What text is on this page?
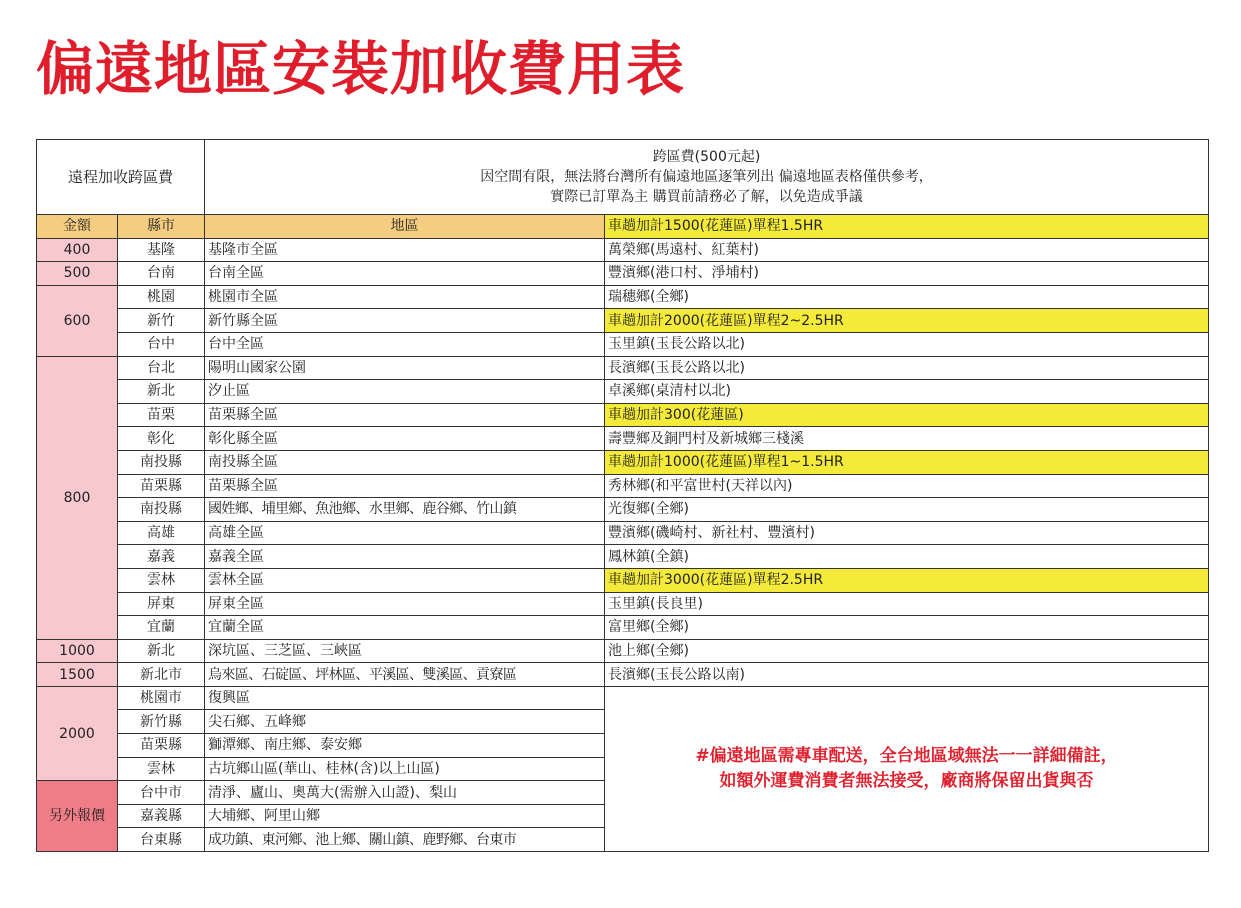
偏遠地區安裝加收費用表
遠程加收跨區費		跨區費(500元起)
因空間有限，無法將台灣所有偏遠地區逐筆列出 偏遠地區表格僅供參考，
實際已訂單為主 購買前請務必了解，以免造成爭議	

金額	縣市	地區	車趟加計1500(花蓮區)單程1.5HR
400	基隆	基隆市全區	萬榮鄉(馬遠村、紅葉村)
500	台南	台南全區	豐濱鄉(港口村、淨埔村)
600	桃園	桃園市全區	瑞穗鄉(全鄉)
	新竹	新竹縣全區	車趟加計2000(花蓮區)單程2~2.5HR
	台中	台中全區	玉里鎮(玉長公路以北)
800	台北	陽明山國家公園	長濱鄉(玉長公路以北)
	新北	汐止區	卓溪鄉(桌清村以北)
	苗栗	苗栗縣全區	車趟加計300(花蓮區)
	彰化	彰化縣全區	壽豐鄉及銅門村及新城鄉三棧溪
	南投縣	南投縣全區	車趟加計1000(花蓮區)單程1~1.5HR
	苗栗縣	苗栗縣全區	秀林鄉(和平富世村(天祥以內)
	南投縣	國姓鄉、埔里鄉、魚池鄉、水里鄉、鹿谷鄉、竹山鎮	光復鄉(全鄉)
	高雄	高雄全區	豐濱鄉(磯崎村、新社村、豐濱村)
	嘉義	嘉義全區	鳳林鎮(全鎮)
	雲林	雲林全區	車趟加計3000(花蓮區)單程2.5HR
	屏東	屏東全區	玉里鎮(長良里)
	宜蘭	宜蘭全區	富里鄉(全鄉)
1000	新北	深坑區、三芝區、三峽區	池上鄉(全鄉)
1500	新北市	烏來區、石碇區、坪林區、平溪區、雙溪區、貢寮區	長濱鄉(玉長公路以南)
2000	桃園市	復興區	#偏遠地區需專車配送，全台地區域無法一一詳細備註，
如額外運費消費者無法接受，廠商將保留出貨與否

	新竹縣	尖石鄉、五峰鄉	
	苗栗縣	獅潭鄉、南庄鄉、泰安鄉	
	雲林	古坑鄉山區(華山、桂林(含)以上山區)	
另外報價	台中市	清淨、廬山、奧萬大(需辦入山證)、梨山	
	嘉義縣	大埔鄉、阿里山鄉	
	台東縣	成功鎮、東河鄉、池上鄉、關山鎮、鹿野鄉、台東市	
